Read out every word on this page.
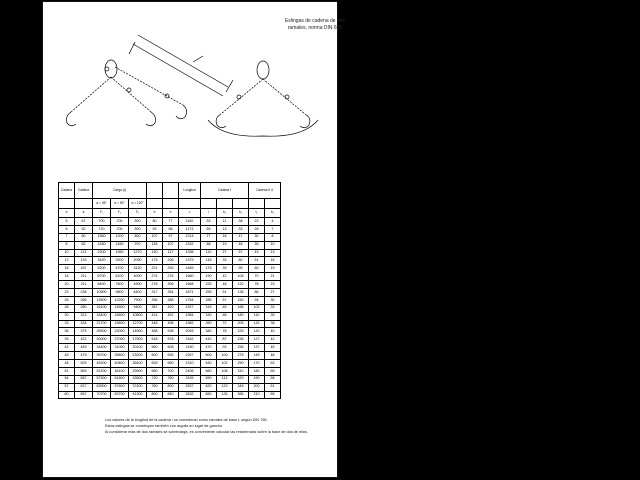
Eslingas de cadena de dos
ramales, norma DIN 695
Los valores de la longitud de la cadena / se consideran como ramales de base L según DIN 765.
Estas eslingas se construyen también con argolla en lugar de gancho.
Al considerar más de dos ramales se sobrecarga, es conveniente calcular las resistencias sobre la base de dos de ellos.
Cadena	Cadena	Carga (t)					Longitud	Cadena f			Cadena 5 d	
		α = 45°	α = 90°	α = 120°								
d	a	F₁	F₂	F₃	b	h	L	l	b₁	h₁	l₁	b₂
5	67	700	700	500	80	77	1182	53	11	38	22	4
6	52	720	700	500	93	56	1173	65	13	33	26	7
7	80	1550	1200	800	107	97	1214	77	18	47	30	8
8	82	1450	1450	970	118	107	1332	88	19	48	35	10
10	113	2200	1950	1270	140	117	1336	110	27	67	43	13
13	133	3420	3200	2090	175	206	1379	145	33	80	51	16
16	167	5200	4700	3120	221	253	1469	175	39	95	60	19
18	211	6700	6100	4000	274	276	1660	190	42	108	70	21
20	211	8400	7600	4900	278	306	1668	225	48	120	78	23
23	238	10900	9800	6400	317	354	1871	255	51	138	86	27
26	265	13500	12200	7900	356	388	1754	285	57	150	94	30
28	280	16100	14500	9400	387	420	1927	315	63	168	102	33
30	313	18400	16600	10800	414	452	1984	330	66	180	110	35
33	334	21700	19600	12700	446	496	1982	350	72	205	115	38
36	375	25500	23000	14900	488	538	2053	380	78	225	120	40
39	422	30000	27000	17500	518	578	2162	410	87	238	127	42
42	449	34400	31000	20100	560	608	2150	470	93	256	137	45
45	479	39700	35800	23200	600	635	2267	500	100	275	149	48
48	529	45200	40800	26400	639	650	2310	530	102	290	170	52
51	559	51200	46100	29900	680	700	2406	560	108	310	180	55
54	587	57300	51600	33500	720	760	2439	590	113	329	190	58
57	617	63900	57600	37400	760	800	2537	620	123	345	200	61
60	657	70700	63700	41300	800	840	2632	650	126	365	210	65
